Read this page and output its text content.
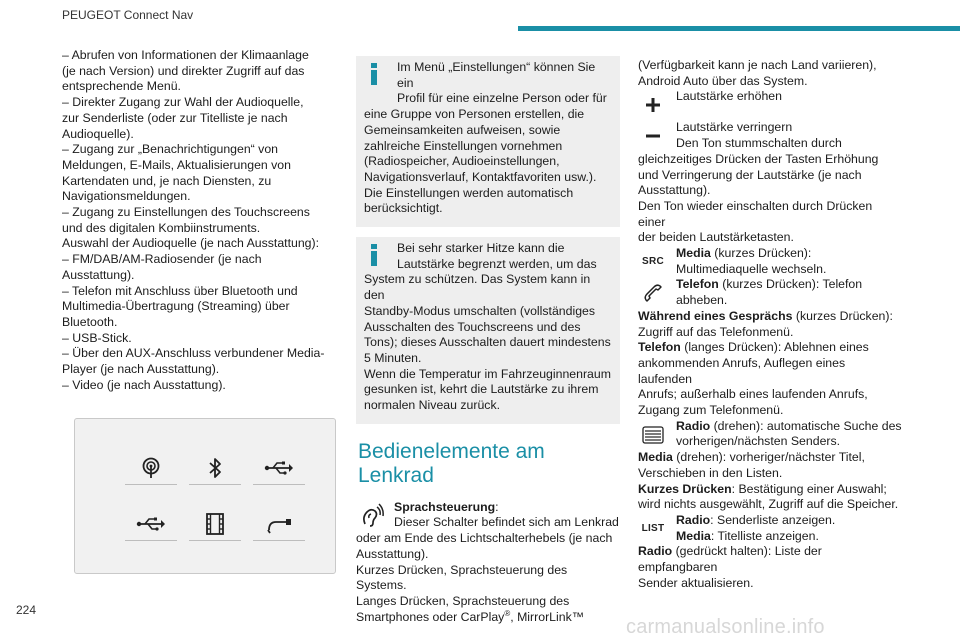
PEUGEOT Connect Nav

– Abrufen von Informationen der Klimaanlage

(je nach Version) und direkter Zugriff auf das

entsprechende Menü.

– Direkter Zugang zur Wahl der Audioquelle,

zur Senderliste (oder zur Titelliste je nach

Audioquelle).

– Zugang zur „Benachrichtigungen“ von

Meldungen, E-Mails, Aktualisierungen von

Kartendaten und, je nach Diensten, zu

Navigationsmeldungen.

– Zugang zu Einstellungen des Touchscreens

und des digitalen Kombiinstruments.

Auswahl der Audioquelle (je nach Ausstattung):

– FM/DAB/AM-Radiosender (je nach

Ausstattung).

– Telefon mit Anschluss über Bluetooth und

Multimedia-Übertragung (Streaming) über

Bluetooth.

– USB-Stick.

– Über den AUX-Anschluss verbundener Media-

Player (je nach Ausstattung).

– Video (je nach Ausstattung).

Im Menü „Einstellungen“ können Sie ein

Profil für eine einzelne Person oder für

eine Gruppe von Personen erstellen, die

Gemeinsamkeiten aufweisen, sowie

zahlreiche Einstellungen vornehmen

(Radiospeicher, Audioeinstellungen,

Navigationsverlauf, Kontaktfavoriten usw.).

Die Einstellungen werden automatisch

berücksichtigt.

Bei sehr starker Hitze kann die

Lautstärke begrenzt werden, um das

System zu schützen. Das System kann in den

Standby-Modus umschalten (vollständiges

Ausschalten des Touchscreens und des

Tons); dieses Ausschalten dauert mindestens

5 Minuten.

Wenn die Temperatur im Fahrzeuginnenraum

gesunken ist, kehrt die Lautstärke zu ihrem

normalen Niveau zurück.

Bedienelemente am
Lenkrad

Sprachsteuerung:

Dieser Schalter befindet sich am Lenkrad

oder am Ende des Lichtschalterhebels (je nach

Ausstattung).

Kurzes Drücken, Sprachsteuerung des Systems.

Langes Drücken, Sprachsteuerung des

Smartphones oder CarPlay®, MirrorLink™

(Verfügbarkeit kann je nach Land variieren),

Android Auto über das System.

Lautstärke erhöhen

Lautstärke verringern

Den Ton stummschalten durch

gleichzeitiges Drücken der Tasten Erhöhung

und Verringerung der Lautstärke (je nach

Ausstattung).

Den Ton wieder einschalten durch Drücken einer

der beiden Lautstärketasten.

SRC

Media (kurzes Drücken):

Multimediaquelle wechseln.

Telefon (kurzes Drücken): Telefon

abheben.

Während eines Gesprächs (kurzes Drücken):

Zugriff auf das Telefonmenü.

Telefon (langes Drücken): Ablehnen eines

ankommenden Anrufs, Auflegen eines laufenden

Anrufs; außerhalb eines laufenden Anrufs,

Zugang zum Telefonmenü.

Radio (drehen): automatische Suche des

vorherigen/nächsten Senders.

Media (drehen): vorheriger/nächster Titel,

Verschieben in den Listen.

Kurzes Drücken: Bestätigung einer Auswahl;

wird nichts ausgewählt, Zugriff auf die Speicher.

LIST

Radio: Senderliste anzeigen.

Media: Titelliste anzeigen.

Radio (gedrückt halten): Liste der empfangbaren

Sender aktualisieren.

224
carmanualsonline.info
